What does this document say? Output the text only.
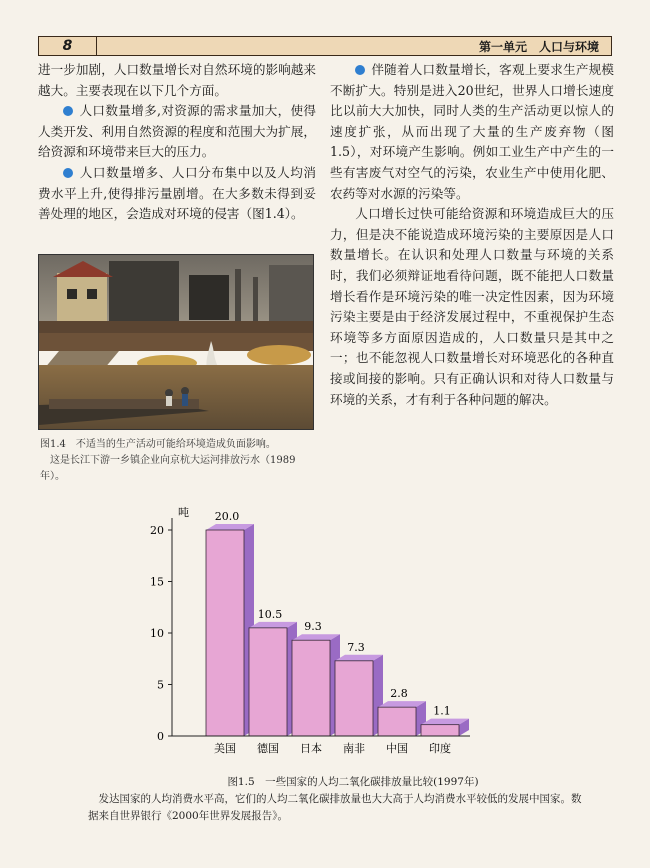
8	第一单元　人口与环境

进一步加剧，人口数量增长对自然环境的影响越来越大。主要表现在以下几个方面。

人口数量增多,对资源的需求量加大，使得人类开发、利用自然资源的程度和范围大为扩展，给资源和环境带来巨大的压力。

人口数量增多、人口分布集中以及人均消费水平上升,使得排污量剧增。在大多数未得到妥善处理的地区，会造成对环境的侵害（图1.4）。

图1.4　不适当的生产活动可能给环境造成负面影响。
这是长江下游一乡镇企业向京杭大运河排放污水（1989年）。

伴随着人口数量增长，客观上要求生产规模不断扩大。特别是进入20世纪，世界人口增长速度比以前大大加快，同时人类的生产活动更以惊人的速度扩张，从而出现了大量的生产废弃物（图1.5），对环境产生影响。例如工业生产中产生的一些有害废气对空气的污染，农业生产中使用化肥、农药等对水源的污染等。

人口增长过快可能给资源和环境造成巨大的压力，但是决不能说造成环境污染的主要原因是人口数量增长。在认识和处理人口数量与环境的关系时，我们必须辩证地看待问题，既不能把人口数量增长看作是环境污染的唯一决定性因素，因为环境污染主要是由于经济发展过程中，不重视保护生态环境等多方面原因造成的，人口数量只是其中之一；也不能忽视人口数量增长对环境恶化的各种直接或间接的影响。只有正确认识和对待人口数量与环境的关系，才有利于各种问题的解决。

吨
0
5
10
15
20
20.0
10.5
9.3
7.3
2.8
1.1
美国 德国 日本 南非 中国 印度
图1.5　一些国家的人均二氧化碳排放量比较(1997年)
发达国家的人均消费水平高，它们的人均二氧化碳排放量也大大高于人均消费水平较低的发展中国家。数据来自世界银行《2000年世界发展报告》。
